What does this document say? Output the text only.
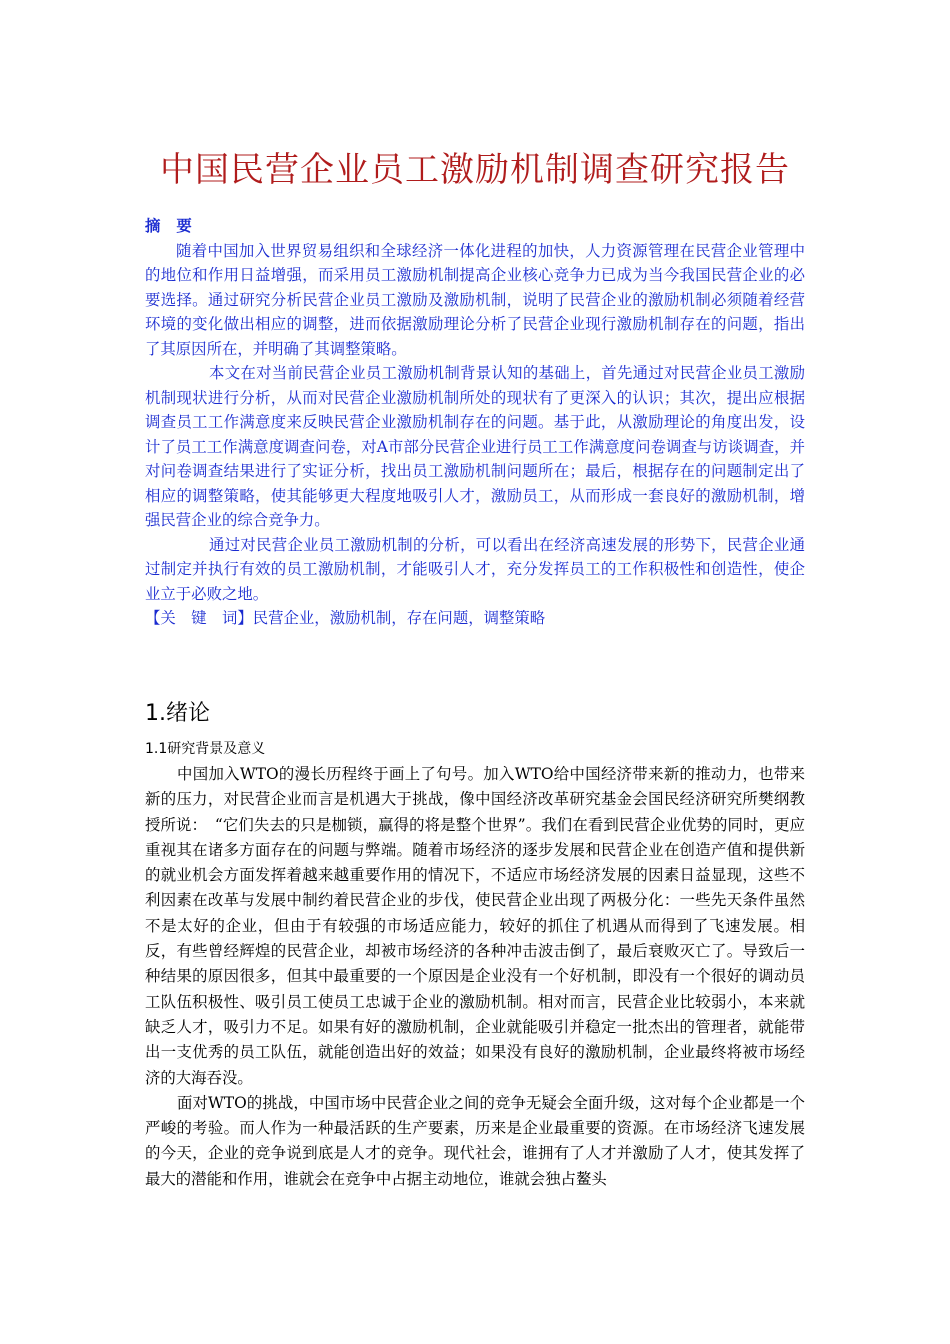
中国民营企业员工激励机制调查研究报告

摘要

随着中国加入世界贸易组织和全球经济一体化进程的加快，人力资源管理在民营企业管理中的地位和作用日益增强，而采用员工激励机制提高企业核心竞争力已成为当今我国民营企业的必要选择。通过研究分析民营企业员工激励及激励机制，说明了民营企业的激励机制必须随着经营环境的变化做出相应的调整，进而依据激励理论分析了民营企业现行激励机制存在的问题，指出了其原因所在，并明确了其调整策略。

本文在对当前民营企业员工激励机制背景认知的基础上，首先通过对民营企业员工激励机制现状进行分析，从而对民营企业激励机制所处的现状有了更深入的认识；其次，提出应根据调查员工工作满意度来反映民营企业激励机制存在的问题。基于此，从激励理论的角度出发，设计了员工工作满意度调查问卷，对A市部分民营企业进行员工工作满意度问卷调查与访谈调查，并对问卷调查结果进行了实证分析，找出员工激励机制问题所在；最后，根据存在的问题制定出了相应的调整策略，使其能够更大程度地吸引人才，激励员工，从而形成一套良好的激励机制，增强民营企业的综合竞争力。

通过对民营企业员工激励机制的分析，可以看出在经济高速发展的形势下，民营企业通过制定并执行有效的员工激励机制，才能吸引人才，充分发挥员工的工作积极性和创造性，使企业立于必败之地。

【关　键　词】民营企业，激励机制，存在问题，调整策略

1.绪论
1.1研究背景及意义

中国加入WTO的漫长历程终于画上了句号。加入WTO给中国经济带来新的推动力，也带来新的压力，对民营企业而言是机遇大于挑战，像中国经济改革研究基金会国民经济研究所樊纲教授所说：　“它们失去的只是枷锁，赢得的将是整个世界”。我们在看到民营企业优势的同时，更应重视其在诸多方面存在的问题与弊端。随着市场经济的逐步发展和民营企业在创造产值和提供新的就业机会方面发挥着越来越重要作用的情况下，不适应市场经济发展的因素日益显现，这些不利因素在改革与发展中制约着民营企业的步伐，使民营企业出现了两极分化：一些先天条件虽然不是太好的企业，但由于有较强的市场适应能力，较好的抓住了机遇从而得到了飞速发展。相反，有些曾经辉煌的民营企业，却被市场经济的各种冲击波击倒了，最后衰败灭亡了。导致后一种结果的原因很多，但其中最重要的一个原因是企业没有一个好机制，即没有一个很好的调动员工队伍积极性、吸引员工使员工忠诚于企业的激励机制。相对而言，民营企业比较弱小，本来就缺乏人才，吸引力不足。如果有好的激励机制，企业就能吸引并稳定一批杰出的管理者，就能带出一支优秀的员工队伍，就能创造出好的效益；如果没有良好的激励机制，企业最终将被市场经济的大海吞没。

面对WTO的挑战，中国市场中民营企业之间的竞争无疑会全面升级，这对每个企业都是一个严峻的考验。而人作为一种最活跃的生产要素，历来是企业最重要的资源。在市场经济飞速发展的今天，企业的竞争说到底是人才的竞争。现代社会，谁拥有了人才并激励了人才，使其发挥了最大的潜能和作用，谁就会在竞争中占据主动地位，谁就会独占鳌头
